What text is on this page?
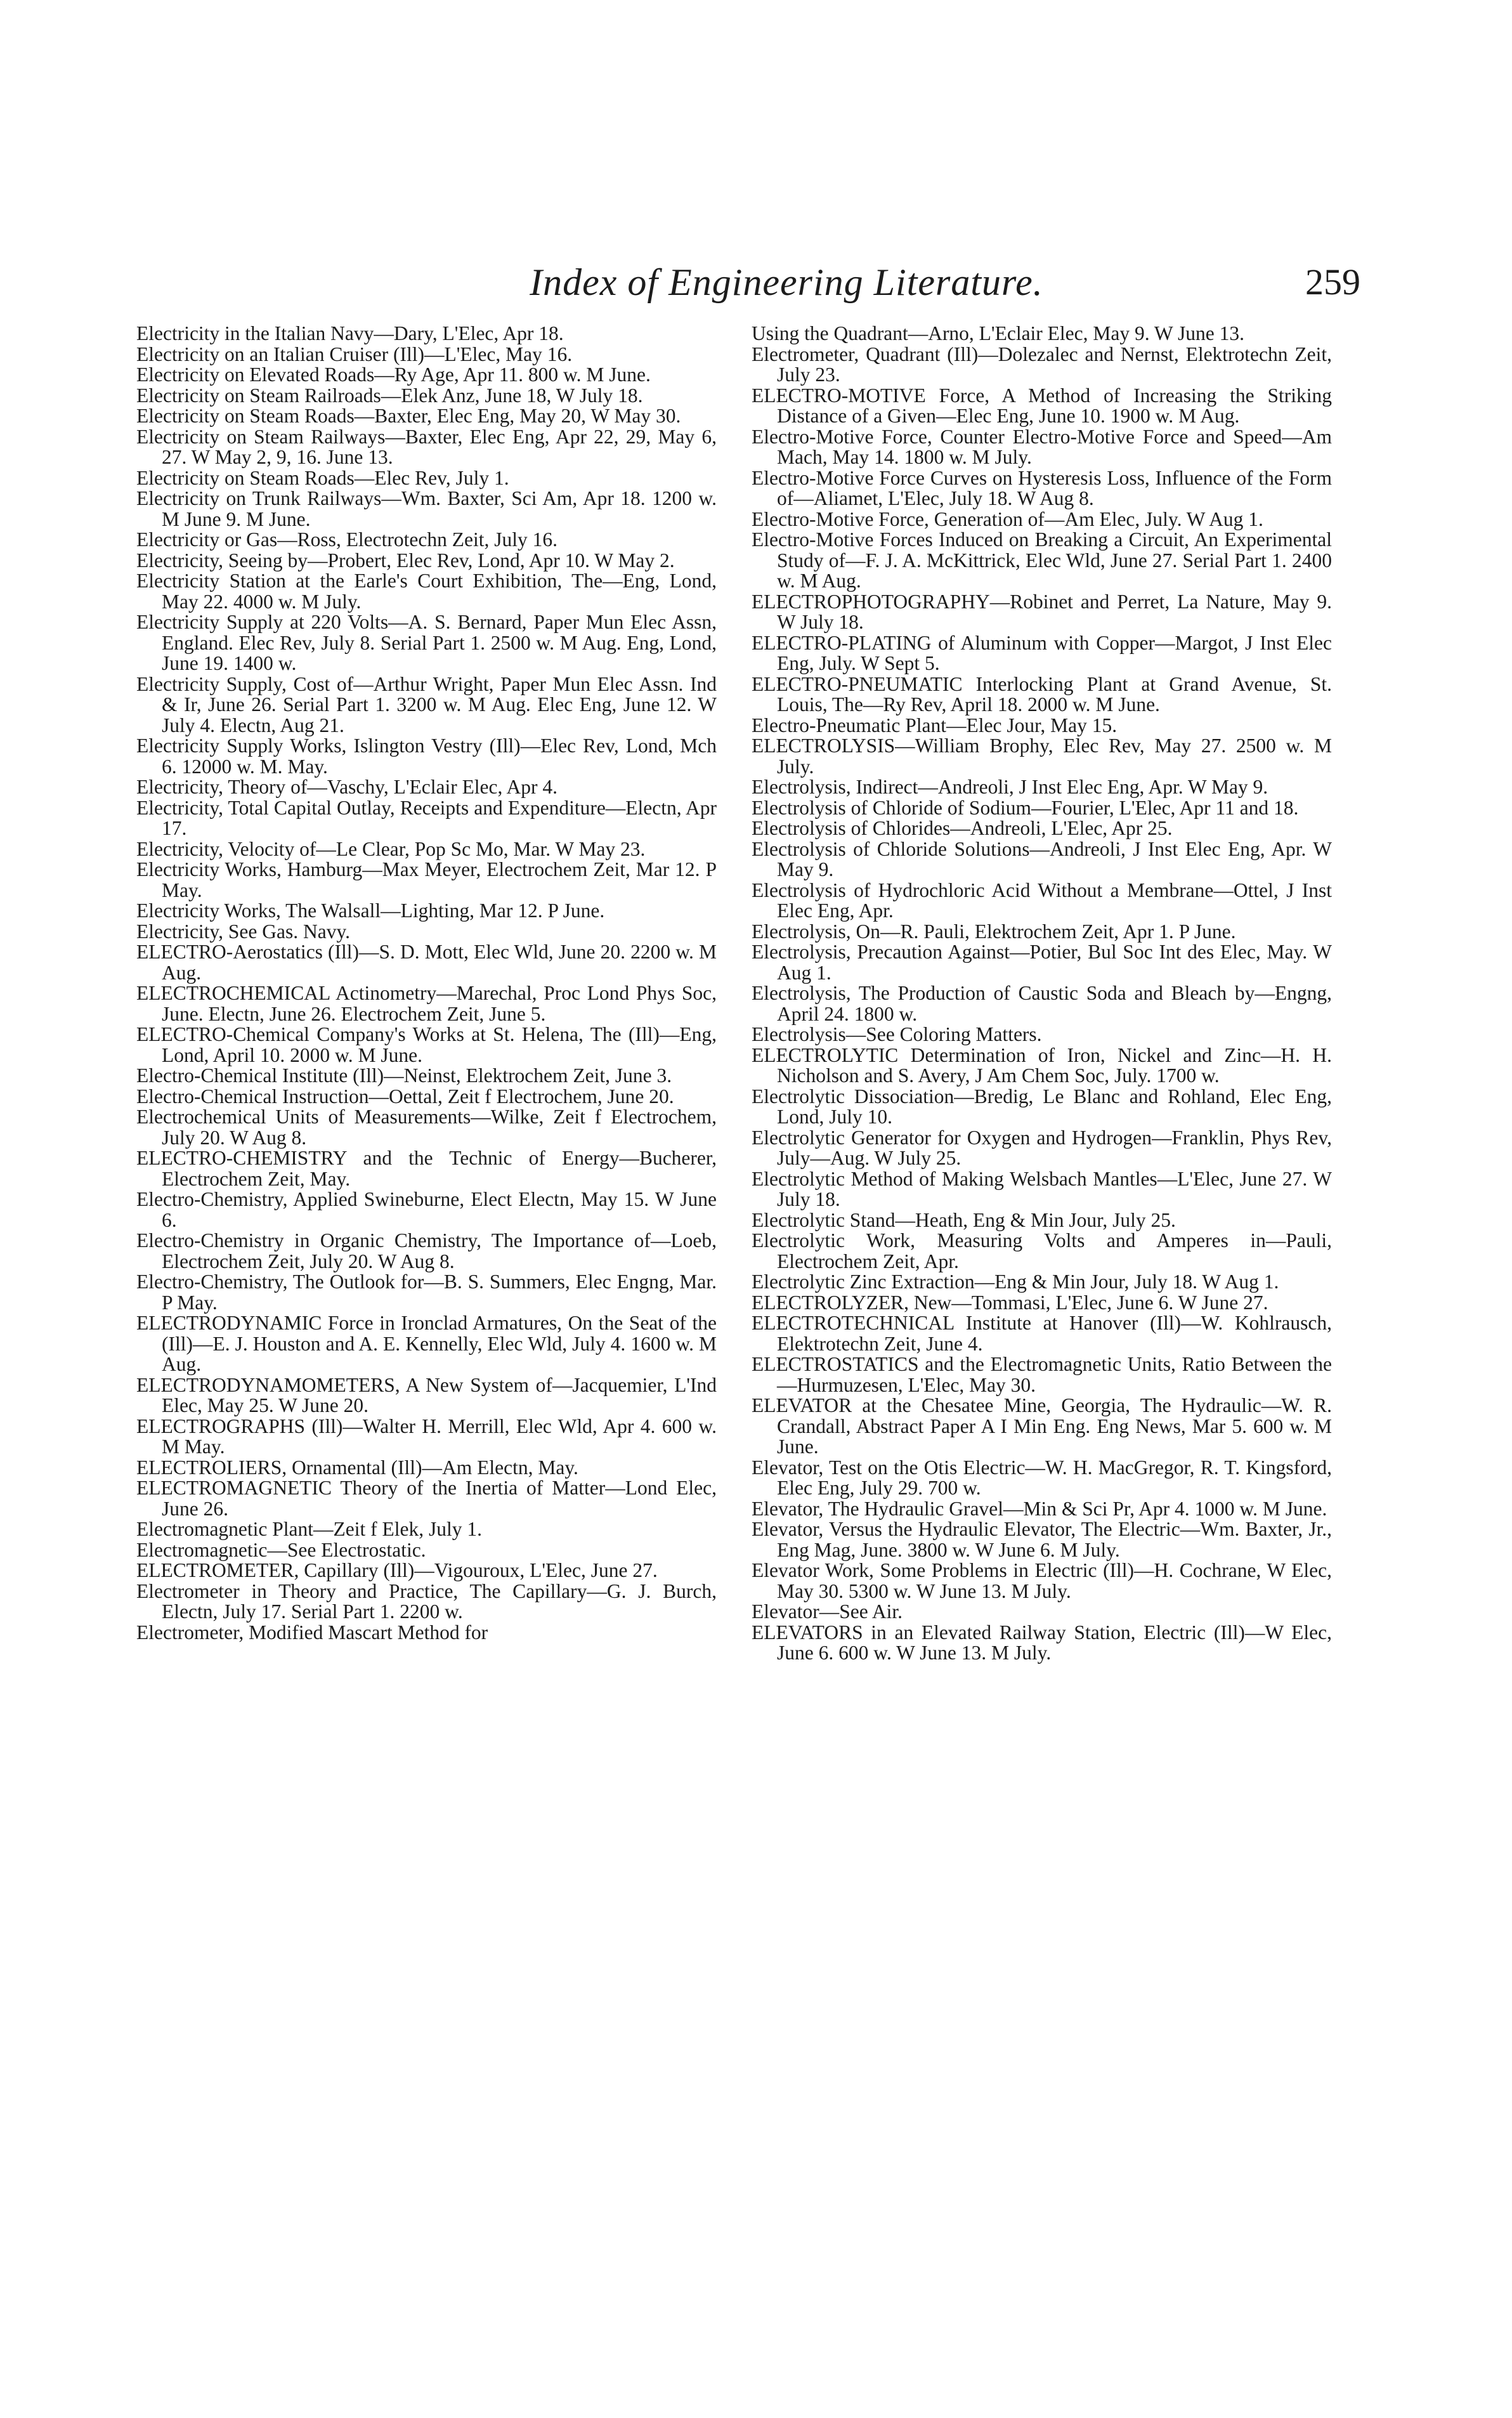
Index of Engineering Literature.	259

Electricity in the Italian Navy—Dary, L'Elec, Apr 18.

Electricity on an Italian Cruiser (Ill)—L'Elec, May 16.

Electricity on Elevated Roads—Ry Age, Apr 11. 800 w. M June.

Electricity on Steam Railroads—Elek Anz, June 18, W July 18.

Electricity on Steam Roads—Baxter, Elec Eng, May 20, W May 30.

Electricity on Steam Railways—Baxter, Elec Eng, Apr 22, 29, May 6, 27. W May 2, 9, 16. June 13.

Electricity on Steam Roads—Elec Rev, July 1.

Electricity on Trunk Railways—Wm. Baxter, Sci Am, Apr 18. 1200 w. M June 9. M June.

Electricity or Gas—Ross, Electrotechn Zeit, July 16.

Electricity, Seeing by—Probert, Elec Rev, Lond, Apr 10. W May 2.

Electricity Station at the Earle's Court Exhibition, The—Eng, Lond, May 22. 4000 w. M July.

Electricity Supply at 220 Volts—A. S. Bernard, Paper Mun Elec Assn, England. Elec Rev, July 8. Serial Part 1. 2500 w. M Aug. Eng, Lond, June 19. 1400 w.

Electricity Supply, Cost of—Arthur Wright, Paper Mun Elec Assn. Ind & Ir, June 26. Serial Part 1. 3200 w. M Aug. Elec Eng, June 12. W July 4. Electn, Aug 21.

Electricity Supply Works, Islington Vestry (Ill)—Elec Rev, Lond, Mch 6. 12000 w. M. May.

Electricity, Theory of—Vaschy, L'Eclair Elec, Apr 4.

Electricity, Total Capital Outlay, Receipts and Expenditure—Electn, Apr 17.

Electricity, Velocity of—Le Clear, Pop Sc Mo, Mar. W May 23.

Electricity Works, Hamburg—Max Meyer, Electrochem Zeit, Mar 12. P May.

Electricity Works, The Walsall—Lighting, Mar 12. P June.

Electricity, See Gas. Navy.

ELECTRO-Aerostatics (Ill)—S. D. Mott, Elec Wld, June 20. 2200 w. M Aug.

ELECTROCHEMICAL Actinometry—Marechal, Proc Lond Phys Soc, June. Electn, June 26. Electrochem Zeit, June 5.

ELECTRO-Chemical Company's Works at St. Helena, The (Ill)—Eng, Lond, April 10. 2000 w. M June.

Electro-Chemical Institute (Ill)—Neinst, Elektrochem Zeit, June 3.

Electro-Chemical Instruction—Oettal, Zeit f Electrochem, June 20.

Electrochemical Units of Measurements—Wilke, Zeit f Electrochem, July 20. W Aug 8.

ELECTRO-CHEMISTRY and the Technic of Energy—Bucherer, Electrochem Zeit, May.

Electro-Chemistry, Applied Swineburne, Elect Electn, May 15. W June 6.

Electro-Chemistry in Organic Chemistry, The Importance of—Loeb, Electrochem Zeit, July 20. W Aug 8.

Electro-Chemistry, The Outlook for—B. S. Summers, Elec Engng, Mar. P May.

ELECTRODYNAMIC Force in Ironclad Armatures, On the Seat of the (Ill)—E. J. Houston and A. E. Kennelly, Elec Wld, July 4. 1600 w. M Aug.

ELECTRODYNAMOMETERS, A New System of—Jacquemier, L'Ind Elec, May 25. W June 20.

ELECTROGRAPHS (Ill)—Walter H. Merrill, Elec Wld, Apr 4. 600 w. M May.

ELECTROLIERS, Ornamental (Ill)—Am Electn, May.

ELECTROMAGNETIC Theory of the Inertia of Matter—Lond Elec, June 26.

Electromagnetic Plant—Zeit f Elek, July 1.

Electromagnetic—See Electrostatic.

ELECTROMETER, Capillary (Ill)—Vigouroux, L'Elec, June 27.

Electrometer in Theory and Practice, The Capillary—G. J. Burch, Electn, July 17. Serial Part 1. 2200 w.

Electrometer, Modified Mascart Method for

Using the Quadrant—Arno, L'Eclair Elec, May 9. W June 13.

Electrometer, Quadrant (Ill)—Dolezalec and Nernst, Elektrotechn Zeit, July 23.

ELECTRO-MOTIVE Force, A Method of Increasing the Striking Distance of a Given—Elec Eng, June 10. 1900 w. M Aug.

Electro-Motive Force, Counter Electro-Motive Force and Speed—Am Mach, May 14. 1800 w. M July.

Electro-Motive Force Curves on Hysteresis Loss, Influence of the Form of—Aliamet, L'Elec, July 18. W Aug 8.

Electro-Motive Force, Generation of—Am Elec, July. W Aug 1.

Electro-Motive Forces Induced on Breaking a Circuit, An Experimental Study of—F. J. A. McKittrick, Elec Wld, June 27. Serial Part 1. 2400 w. M Aug.

ELECTROPHOTOGRAPHY—Robinet and Perret, La Nature, May 9. W July 18.

ELECTRO-PLATING of Aluminum with Copper—Margot, J Inst Elec Eng, July. W Sept 5.

ELECTRO-PNEUMATIC Interlocking Plant at Grand Avenue, St. Louis, The—Ry Rev, April 18. 2000 w. M June.

Electro-Pneumatic Plant—Elec Jour, May 15.

ELECTROLYSIS—William Brophy, Elec Rev, May 27. 2500 w. M July.

Electrolysis, Indirect—Andreoli, J Inst Elec Eng, Apr. W May 9.

Electrolysis of Chloride of Sodium—Fourier, L'Elec, Apr 11 and 18.

Electrolysis of Chlorides—Andreoli, L'Elec, Apr 25.

Electrolysis of Chloride Solutions—Andreoli, J Inst Elec Eng, Apr. W May 9.

Electrolysis of Hydrochloric Acid Without a Membrane—Ottel, J Inst Elec Eng, Apr.

Electrolysis, On—R. Pauli, Elektrochem Zeit, Apr 1. P June.

Electrolysis, Precaution Against—Potier, Bul Soc Int des Elec, May. W Aug 1.

Electrolysis, The Production of Caustic Soda and Bleach by—Engng, April 24. 1800 w.

Electrolysis—See Coloring Matters.

ELECTROLYTIC Determination of Iron, Nickel and Zinc—H. H. Nicholson and S. Avery, J Am Chem Soc, July. 1700 w.

Electrolytic Dissociation—Bredig, Le Blanc and Rohland, Elec Eng, Lond, July 10.

Electrolytic Generator for Oxygen and Hydrogen—Franklin, Phys Rev, July—Aug. W July 25.

Electrolytic Method of Making Welsbach Mantles—L'Elec, June 27. W July 18.

Electrolytic Stand—Heath, Eng & Min Jour, July 25.

Electrolytic Work, Measuring Volts and Amperes in—Pauli, Electrochem Zeit, Apr.

Electrolytic Zinc Extraction—Eng & Min Jour, July 18. W Aug 1.

ELECTROLYZER, New—Tommasi, L'Elec, June 6. W June 27.

ELECTROTECHNICAL Institute at Hanover (Ill)—W. Kohlrausch, Elektrotechn Zeit, June 4.

ELECTROSTATICS and the Electromagnetic Units, Ratio Between the—Hurmuzesen, L'Elec, May 30.

ELEVATOR at the Chesatee Mine, Georgia, The Hydraulic—W. R. Crandall, Abstract Paper A I Min Eng. Eng News, Mar 5. 600 w. M June.

Elevator, Test on the Otis Electric—W. H. MacGregor, R. T. Kingsford, Elec Eng, July 29. 700 w.

Elevator, The Hydraulic Gravel—Min & Sci Pr, Apr 4. 1000 w. M June.

Elevator, Versus the Hydraulic Elevator, The Electric—Wm. Baxter, Jr., Eng Mag, June. 3800 w. W June 6. M July.

Elevator Work, Some Problems in Electric (Ill)—H. Cochrane, W Elec, May 30. 5300 w. W June 13. M July.

Elevator—See Air.

ELEVATORS in an Elevated Railway Station, Electric (Ill)—W Elec, June 6. 600 w. W June 13. M July.
